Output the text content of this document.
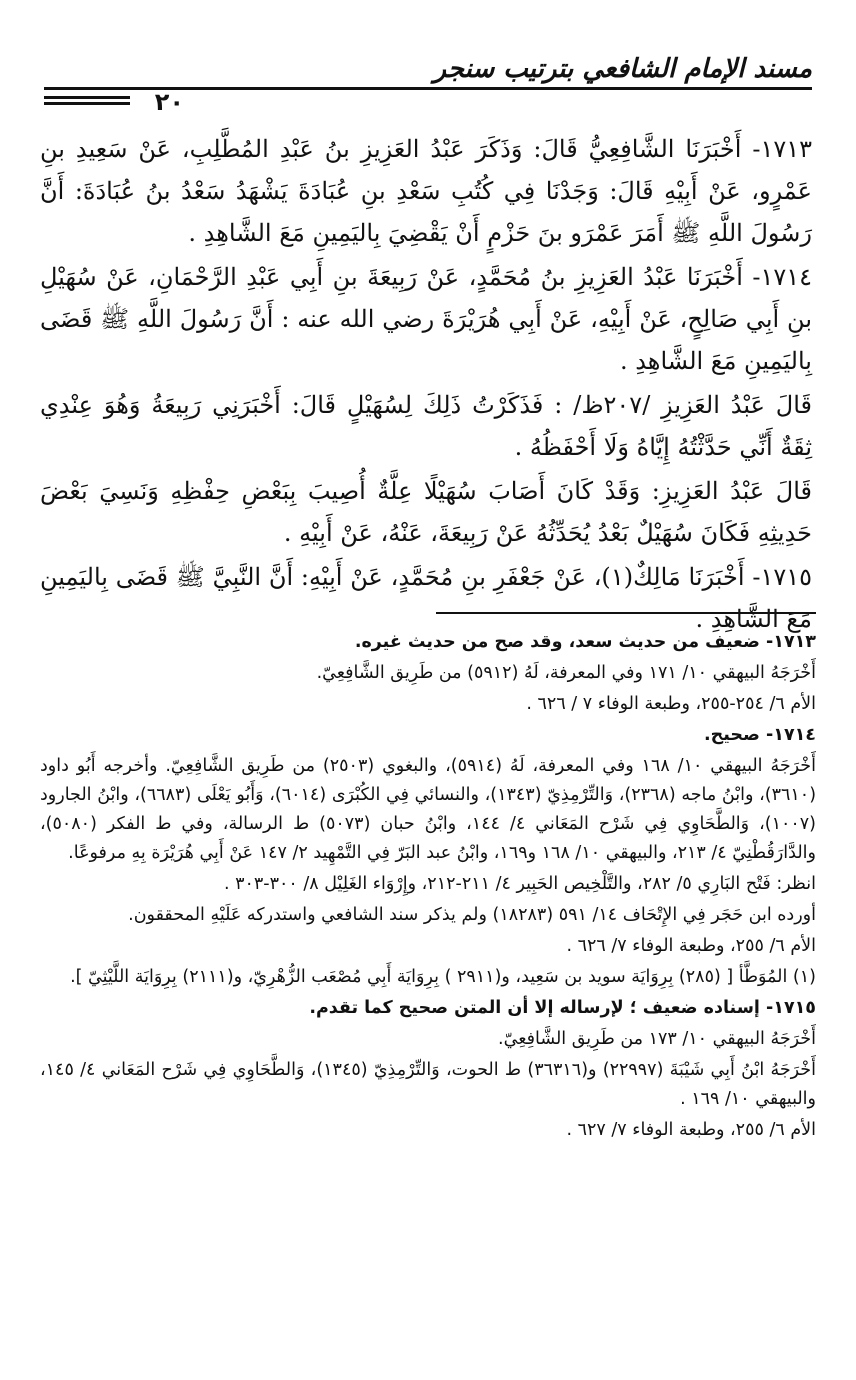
مسند الإمام الشافعي بترتيب سنجر
٢٠

١٧١٣- أَخْبَرَنَا الشَّافِعِيُّ قَالَ: وَذَكَرَ عَبْدُ العَزِيزِ بنُ عَبْدِ المُطَّلِبِ، عَنْ سَعِيدِ بنِ عَمْرٍو، عَنْ أَبِيْهِ قَالَ: وَجَدْنَا فِي كُتُبِ سَعْدِ بنِ عُبَادَةَ يَشْهَدُ سَعْدُ بنُ عُبَادَةَ: أَنَّ رَسُولَ اللَّهِ ﷺ أَمَرَ عَمْرَو بنَ حَزْمٍ أَنْ يَقْضِيَ بِاليَمِينِ مَعَ الشَّاهِدِ .

١٧١٤- أَخْبَرَنَا عَبْدُ العَزِيزِ بنُ مُحَمَّدٍ، عَنْ رَبِيعَةَ بنِ أَبِي عَبْدِ الرَّحْمَانِ، عَنْ سُهَيْلِ بنِ أَبِي صَالِحٍ، عَنْ أَبِيْهِ، عَنْ أَبِي هُرَيْرَةَ رضي الله عنه : أَنَّ رَسُولَ اللَّهِ ﷺ قَضَى بِاليَمِينِ مَعَ الشَّاهِدِ .

قَالَ عَبْدُ العَزِيزِ /٢٠٧ظ/ : فَذَكَرْتُ ذَلِكَ لِسُهَيْلٍ قَالَ: أَخْبَرَنِي رَبِيعَةُ وَهُوَ عِنْدِي ثِقَةٌ أَنِّي حَدَّثْتُهُ إِيَّاهُ وَلَا أَحْفَظُهُ .

قَالَ عَبْدُ العَزِيزِ: وَقَدْ كَانَ أَصَابَ سُهَيْلًا عِلَّةٌ أُصِيبَ بِبَعْضِ حِفْظِهِ وَنَسِيَ بَعْضَ حَدِيثِهِ فَكَانَ سُهَيْلٌ بَعْدُ يُحَدِّثُهُ عَنْ رَبِيعَةَ، عَنْهُ، عَنْ أَبِيْهِ .

١٧١٥- أَخْبَرَنَا مَالِكٌ(١)، عَنْ جَعْفَرِ بنِ مُحَمَّدٍ، عَنْ أَبِيْهِ: أَنَّ النَّبِيَّ ﷺ قَضَى بِاليَمِينِ مَعَ الشَّاهِدِ .

١٧١٣- ضعيف من حديث سعد، وقد صح من حديث غيره.

أَخْرَجَهُ البيهقي ١٠/ ١٧١ وفي المعرفة، لَهُ (٥٩١٢) من طَرِيق الشَّافِعِيّ.

الأم ٦/ ٢٥٤-٢٥٥، وطبعة الوفاء ٧ / ٦٢٦ .

١٧١٤- صحيح.

أَخْرَجَهُ البيهقي ١٠/ ١٦٨ وفي المعرفة، لَهُ (٥٩١٤)، والبغوي (٢٥٠٣) من طَرِيق الشَّافِعِيّ. وأخرجه أَبُو داود (٣٦١٠)، وابْنُ ماجه (٢٣٦٨)، وَالتِّرْمِذِيّ (١٣٤٣)، والنسائي فِي الكُبْرَى (٦٠١٤)، وَأَبُو يَعْلَى (٦٦٨٣)، وابْنُ الجارود (١٠٠٧)، وَالطَّحَاوِي فِي شَرْح المَعَاني ٤/ ١٤٤، وابْنُ حبان (٥٠٧٣) ط الرسالة، وفي ط الفكر (٥٠٨٠)، والدَّارَقُطْنِيّ ٤/ ٢١٣، والبيهقي ١٠/ ١٦٨ و١٦٩، وابْنُ عبد البَرّ فِي التَّمْهِيد ٢/ ١٤٧ عَنْ أَبِي هُرَيْرَة بِهِ مرفوعًا.

انظر: فَتْح البَارِي ٥/ ٢٨٢، والتَّلْخِيص الحَبِير ٤/ ٢١١-٢١٢، وإِرْوَاء الغَلِيْل ٨/ ٣٠٠-٣٠٣ .

أورده ابن حَجَر فِي الإِتْحَاف ١٤/ ٥٩١ (١٨٢٨٣) ولم يذكر سند الشافعي واستدركه عَلَيْهِ المحققون.

الأم ٦/ ٢٥٥، وطبعة الوفاء ٧/ ٦٢٦ .

(١) المُوَطَّأ [ (٢٨٥) بِرِوَايَة سويد بن سَعِيد، و(٢٩١١ ) بِرِوَايَة أَبِي مُصْعَب الزُّهْرِيّ، و(٢١١١) بِرِوَايَة اللَّيْثِيّ ].

١٧١٥- إسناده ضعيف ؛ لإرساله إلا أن المتن صحيح كما تقدم.

أَخْرَجَهُ البيهقي ١٠/ ١٧٣ من طَرِيق الشَّافِعِيّ.

أَخْرَجَهُ ابْنُ أَبِي شَيْبَةَ (٢٢٩٩٧) و(٣٦٣١٦) ط الحوت، وَالتِّرْمِذِيّ (١٣٤٥)، وَالطَّحَاوِي فِي شَرْح المَعَاني ٤/ ١٤٥، والبيهقي ١٠/ ١٦٩ .

الأم ٦/ ٢٥٥، وطبعة الوفاء ٧/ ٦٢٧ .
